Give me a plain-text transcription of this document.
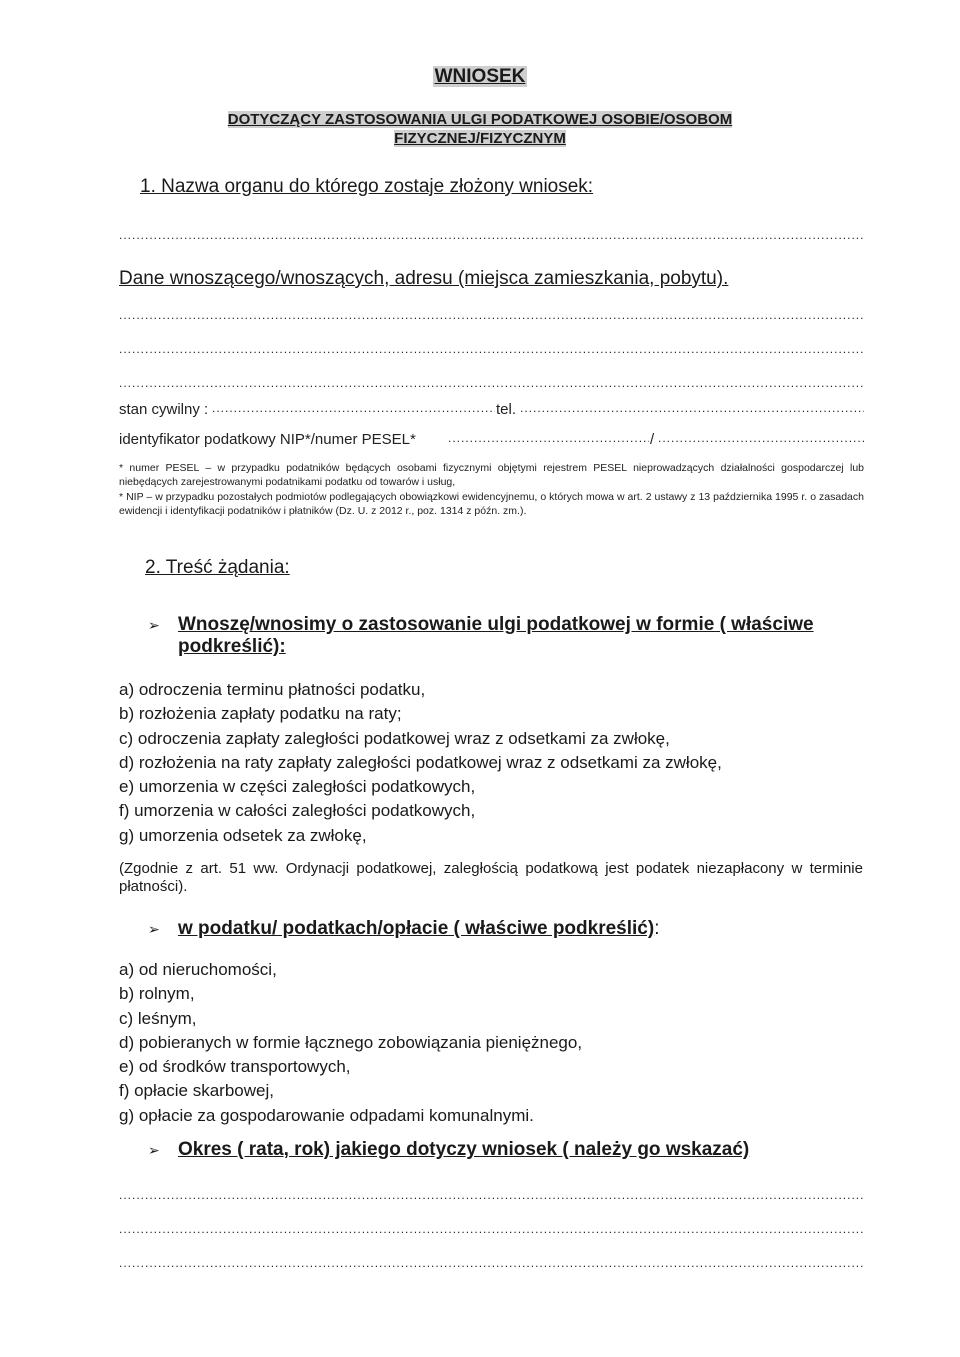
WNIOSEK
DOTYCZĄCY ZASTOSOWANIA ULGI PODATKOWEJ OSOBIE/OSOBOM
FIZYCZNEJ/FIZYCZNYM
1. Nazwa organu do którego zostaje złożony wniosek:
.....
Dane wnoszącego/wnoszących, adresu (miejsca zamieszkania, pobytu).
.....
.....
.....
stan cywilny : .....	tel.
.....
identyfikator podatkowy NIP*/numer PESEL* .....	/
.....
* numer PESEL – w przypadku podatników będących osobami fizycznymi objętymi rejestrem PESEL nieprowadzących działalności gospodarczej lub niebędących zarejestrowanymi podatnikami podatku od towarów i usług,
* NIP – w przypadku pozostałych podmiotów podlegających obowiązkowi ewidencyjnemu, o których mowa w art. 2 ustawy z 13 października 1995 r. o zasadach ewidencji i identyfikacji podatników i płatników (Dz. U. z 2012 r., poz. 1314 z późn. zm.).
2. Treść żądania:
➢ Wnoszę/wnosimy o zastosowanie ulgi podatkowej w formie ( właściwe podkreślić):
a) odroczenia terminu płatności podatku,
b) rozłożenia zapłaty podatku na raty;
c) odroczenia zapłaty zaległości podatkowej wraz z odsetkami za zwłokę,
d) rozłożenia na raty zapłaty zaległości podatkowej wraz z odsetkami za zwłokę,
e) umorzenia w części zaległości podatkowych,
f) umorzenia w całości zaległości podatkowych,
g) umorzenia odsetek za zwłokę,
(Zgodnie z art. 51 ww. Ordynacji podatkowej, zaległością podatkową jest podatek niezapłacony w terminie płatności).
➢ w podatku/ podatkach/opłacie ( właściwe podkreślić):
a) od nieruchomości,
b) rolnym,
c) leśnym,
d) pobieranych w formie łącznego zobowiązania pieniężnego,
e) od środków transportowych,
f) opłacie skarbowej,
g) opłacie za gospodarowanie odpadami komunalnymi.
➢ Okres ( rata, rok) jakiego dotyczy wniosek ( należy go wskazać)
.....
.....
.....
